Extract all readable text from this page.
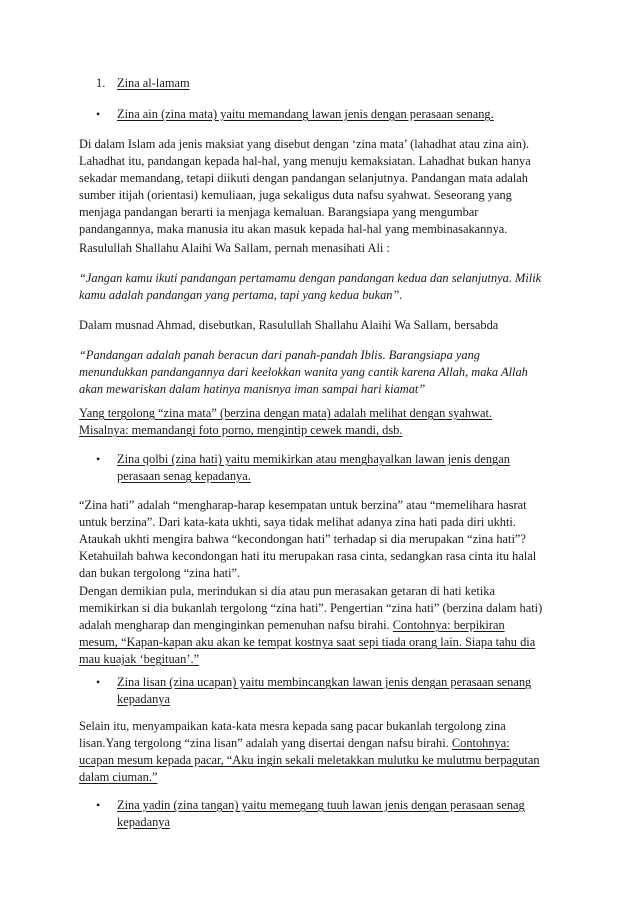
1. Zina al-lamam

• Zina ain (zina mata) yaitu memandang lawan jenis dengan perasaan senang.

Di dalam Islam ada jenis maksiat yang disebut dengan ‘zina mata’ (lahadhat atau zina ain).

Lahadhat itu, pandangan kepada hal-hal, yang menuju kemaksiatan. Lahadhat bukan hanya

sekadar memandang, tetapi diikuti dengan pandangan selanjutnya. Pandangan mata adalah

sumber itijah (orientasi) kemuliaan, juga sekaligus duta nafsu syahwat. Seseorang yang

menjaga pandangan berarti ia menjaga kemaluan. Barangsiapa yang mengumbar

pandangannya, maka manusia itu akan masuk kepada hal-hal yang membinasakannya.

Rasulullah Shallahu Alaihi Wa Sallam, pernah menasihati Ali :

“Jangan kamu ikuti pandangan pertamamu dengan pandangan kedua dan selanjutnya. Milik

kamu adalah pandangan yang pertama, tapi yang kedua bukan”.

Dalam musnad Ahmad, disebutkan, Rasulullah Shallahu Alaihi Wa Sallam, bersabda

“Pandangan adalah panah beracun dari panah-pandah Iblis. Barangsiapa yang

menundukkan pandangannya dari keelokkan wanita yang cantik karena Allah, maka Allah

akan mewariskan dalam hatinya manisnya iman sampai hari kiamat”

Yang tergolong “zina mata” (berzina dengan mata) adalah melihat dengan syahwat.

Misalnya: memandangi foto porno, mengintip cewek mandi, dsb.

• Zina qolbi (zina hati) yaitu memikirkan atau menghayalkan lawan jenis dengan

perasaan senag kepadanya.

“Zina hati” adalah “mengharap-harap kesempatan untuk berzina” atau “memelihara hasrat

untuk berzina”. Dari kata-kata ukhti, saya tidak melihat adanya zina hati pada diri ukhti.

Ataukah ukhti mengira bahwa “kecondongan hati” terhadap si dia merupakan “zina hati”?

Ketahuilah bahwa kecondongan hati itu merupakan rasa cinta, sedangkan rasa cinta itu halal

dan bukan tergolong “zina hati”.

Dengan demikian pula, merindukan si dia atau pun merasakan getaran di hati ketika

memikirkan si dia bukanlah tergolong “zina hati”. Pengertian “zina hati” (berzina dalam hati)

adalah mengharap dan menginginkan pemenuhan nafsu birahi. Contohnya: berpikiran

mesum, “Kapan-kapan aku akan ke tempat kostnya saat sepi tiada orang lain. Siapa tahu dia

mau kuajak ‘begituan’.”

• Zina lisan (zina ucapan) yaitu membincangkan lawan jenis dengan perasaan senang

kepadanya

Selain itu, menyampaikan kata-kata mesra kepada sang pacar bukanlah tergolong zina

lisan.Yang tergolong “zina lisan” adalah yang disertai dengan nafsu birahi. Contohnya:

ucapan mesum kepada pacar, “Aku ingin sekali meletakkan mulutku ke mulutmu berpagutan

dalam ciuman.”

• Zina yadin (zina tangan) yaitu memegang tuuh lawan jenis dengan perasaan senag

kepadanya
